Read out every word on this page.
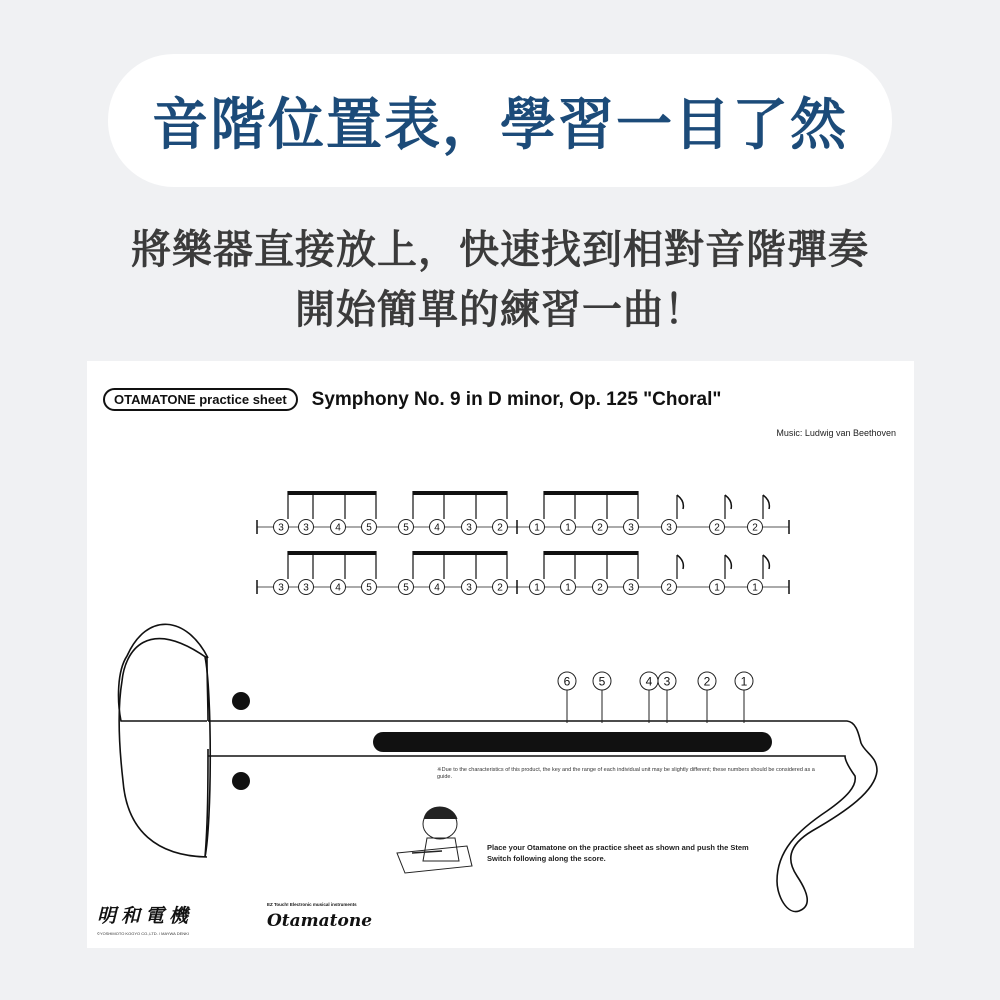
音階位置表，學習一目了然
將樂器直接放上，快速找到相對音階彈奏
開始簡單的練習一曲！
OTAMATONE practice sheet	Symphony No. 9 in D minor, Op. 125 "Choral"
Music: Ludwig van Beethoven
3 3	4	5	5	4	3	2	1	1	2	3	3	2	2
3 3	4	5	5	4	3	2	1	1	2	3	2	1	1
6 5	4 3	2	1
※Due to the characteristics of this product, the key and the range of each individual unit may be slightly different; these numbers should be considered as a guide.
Place your Otamatone on the practice sheet as shown and push the Stem Switch following along the score.
明和電機
EZ Touch! Electronic musical instruments
Otamatone
©YOSHIMOTO KOGYO CO.,LTD. / MAYWA DENKI
